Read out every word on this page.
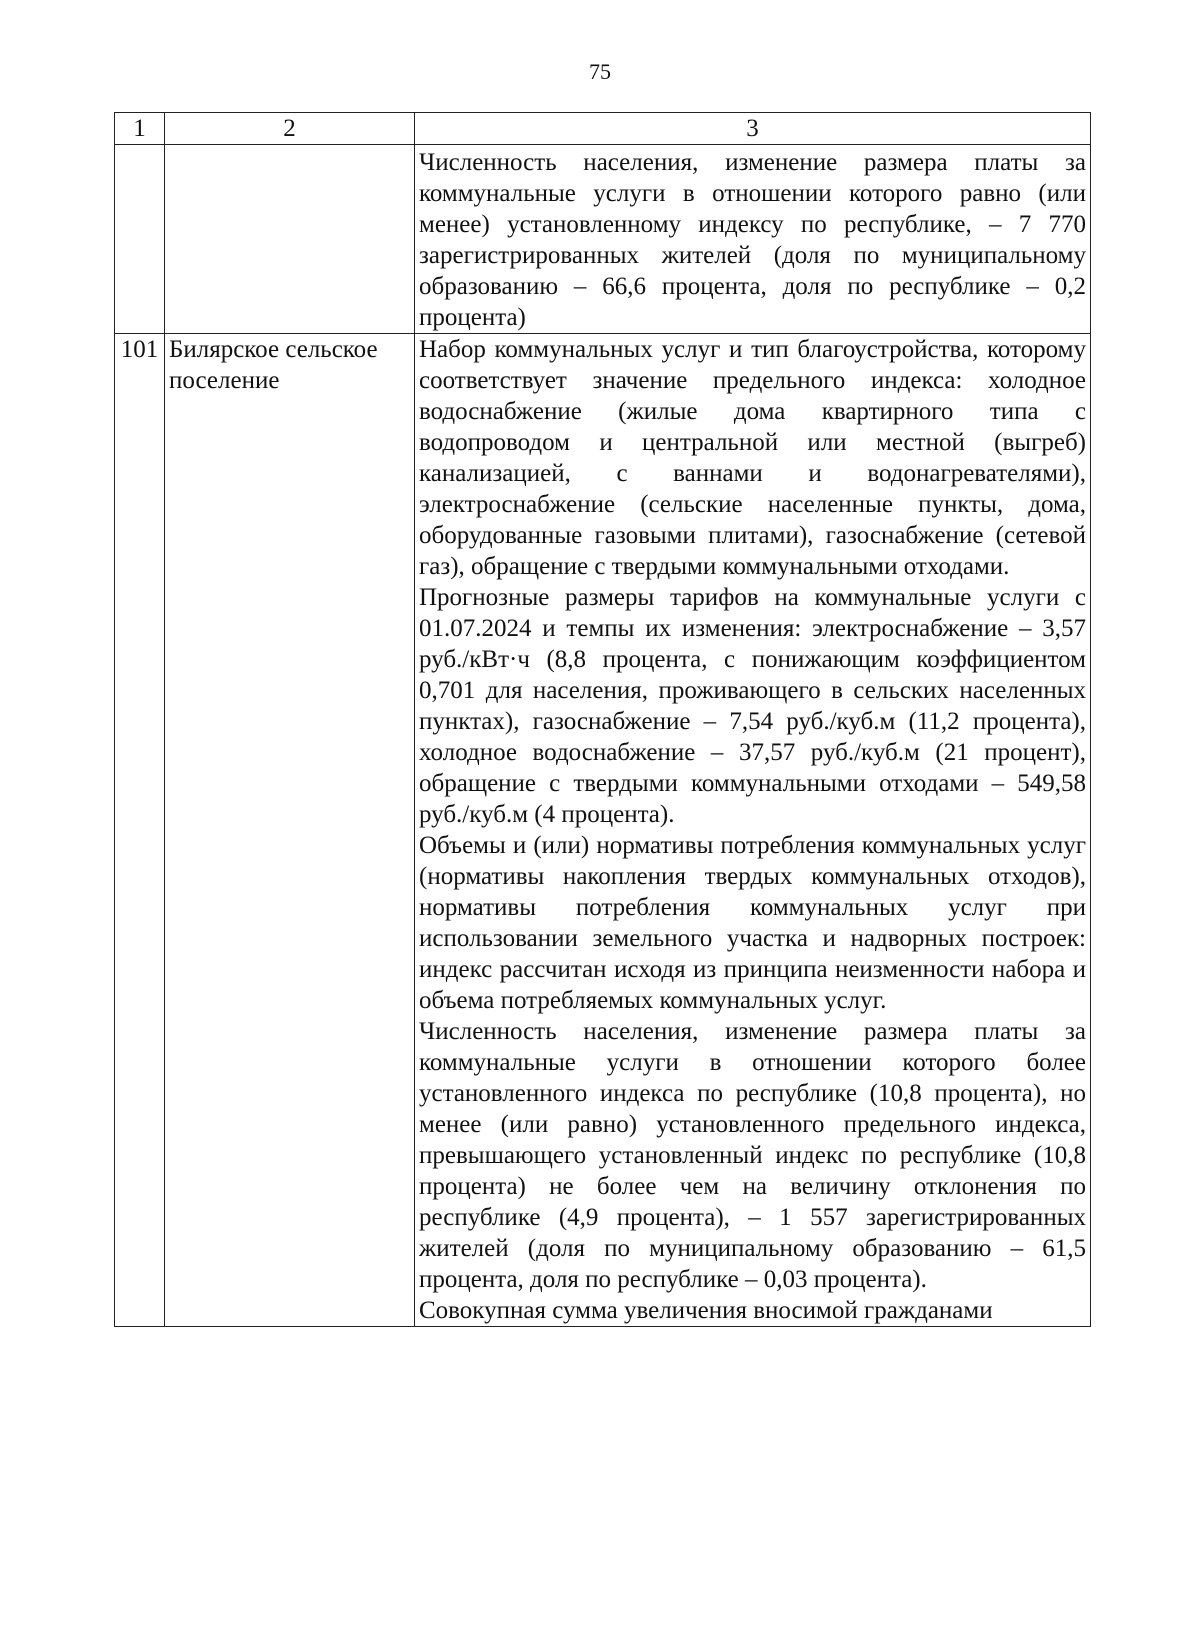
75
1	2	3

		Численность населения, изменение размера платы за коммунальные услуги в отношении которого равно (или менее) установленному индексу по республике, – 7 770 зарегистрированных жителей (доля по муниципальному образованию – 66,6 процента, доля по республике – 0,2 процента)

101	Билярское сельское поселение	Набор коммунальных услуг и тип благоустройства, которому соответствует значение предельного индекса: холодное водоснабжение (жилые дома квартирного типа с водопроводом и центральной или местной (выгреб) канализацией, с ваннами и водонагревателями), электроснабжение (сельские населенные пункты, дома, оборудованные газовыми плитами), газоснабжение (сетевой газ), обращение с твердыми коммунальными отходами.

Прогнозные размеры тарифов на коммунальные услуги с 01.07.2024 и темпы их изменения: электроснабжение – 3,57 руб./кВт·ч (8,8 процента, с понижающим коэффициентом 0,701 для населения, проживающего в сельских населенных пунктах), газоснабжение – 7,54 руб./куб.м (11,2 процента), холодное водоснабжение – 37,57 руб./куб.м (21 процент), обращение с твердыми коммунальными отходами – 549,58 руб./куб.м (4 процента).

Объемы и (или) нормативы потребления коммунальных услуг (нормативы накопления твердых коммунальных отходов), нормативы потребления коммунальных услуг при использовании земельного участка и надворных построек: индекс рассчитан исходя из принципа неизменности набора и объема потребляемых коммунальных услуг.

Численность населения, изменение размера платы за коммунальные услуги в отношении которого более установленного индекса по республике (10,8 процента), но менее (или равно) установленного предельного индекса, превышающего установленный индекс по республике (10,8 процента) не более чем на величину отклонения по республике (4,9 процента), – 1 557 зарегистрированных жителей (доля по муниципальному образованию – 61,5 процента, доля по республике – 0,03 процента).

Совокупная сумма увеличения вносимой гражданами
